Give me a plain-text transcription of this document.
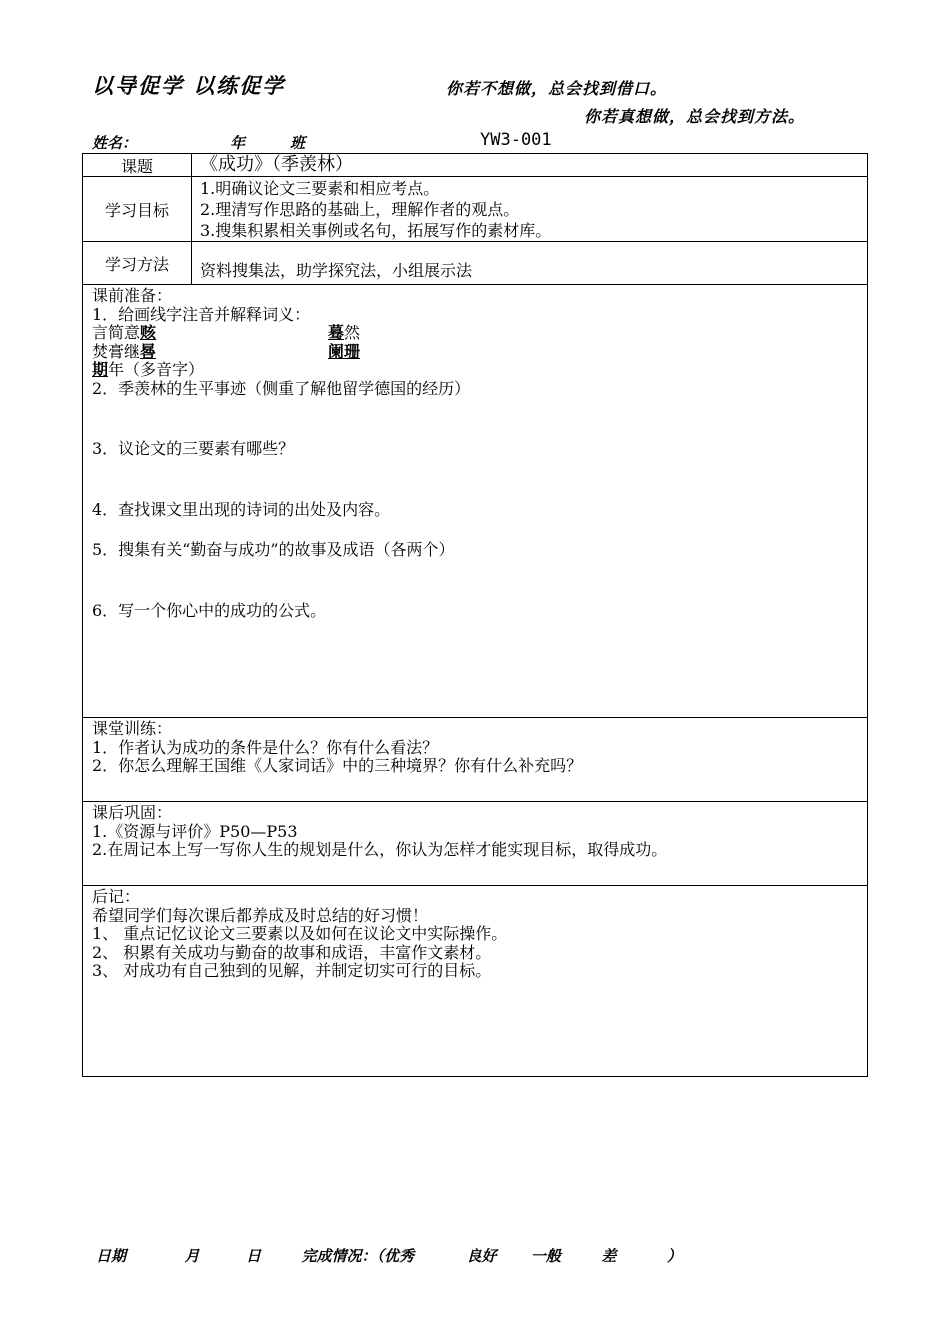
以导促学 以练促学	你若不想做，总会找到借口。
你若真想做，总会找到方法。
姓名：	年	班	YW3-001
课题	《成功》（季羡林）
学习目标
1.明确议论文三要素和相应考点。
2.理清写作思路的基础上，理解作者的观点。
3.搜集积累相关事例或名句，拓展写作的素材库。
学习方法	资料搜集法，助学探究法，小组展示法
课前准备：
1．给画线字注音并解释词义：
言简意赅	蓦然
焚膏继晷	阑珊
期年（多音字）
2．季羡林的生平事迹（侧重了解他留学德国的经历）
3．议论文的三要素有哪些？
4．查找课文里出现的诗词的出处及内容。
5．搜集有关“勤奋与成功”的故事及成语（各两个）
6．写一个你心中的成功的公式。
课堂训练：
1．作者认为成功的条件是什么？你有什么看法？
2．你怎么理解王国维《人家词话》中的三种境界？你有什么补充吗？
课后巩固：
1.《资源与评价》P50—P53
2.在周记本上写一写你人生的规划是什么，你认为怎样才能实现目标，取得成功。
后记：
希望同学们每次课后都养成及时总结的好习惯！
1、 重点记忆议论文三要素以及如何在议论文中实际操作。
2、 积累有关成功与勤奋的故事和成语，丰富作文素材。
3、 对成功有自己独到的见解，并制定切实可行的目标。
日期	月	日	完成情况：（优秀	良好 一般	差	）
